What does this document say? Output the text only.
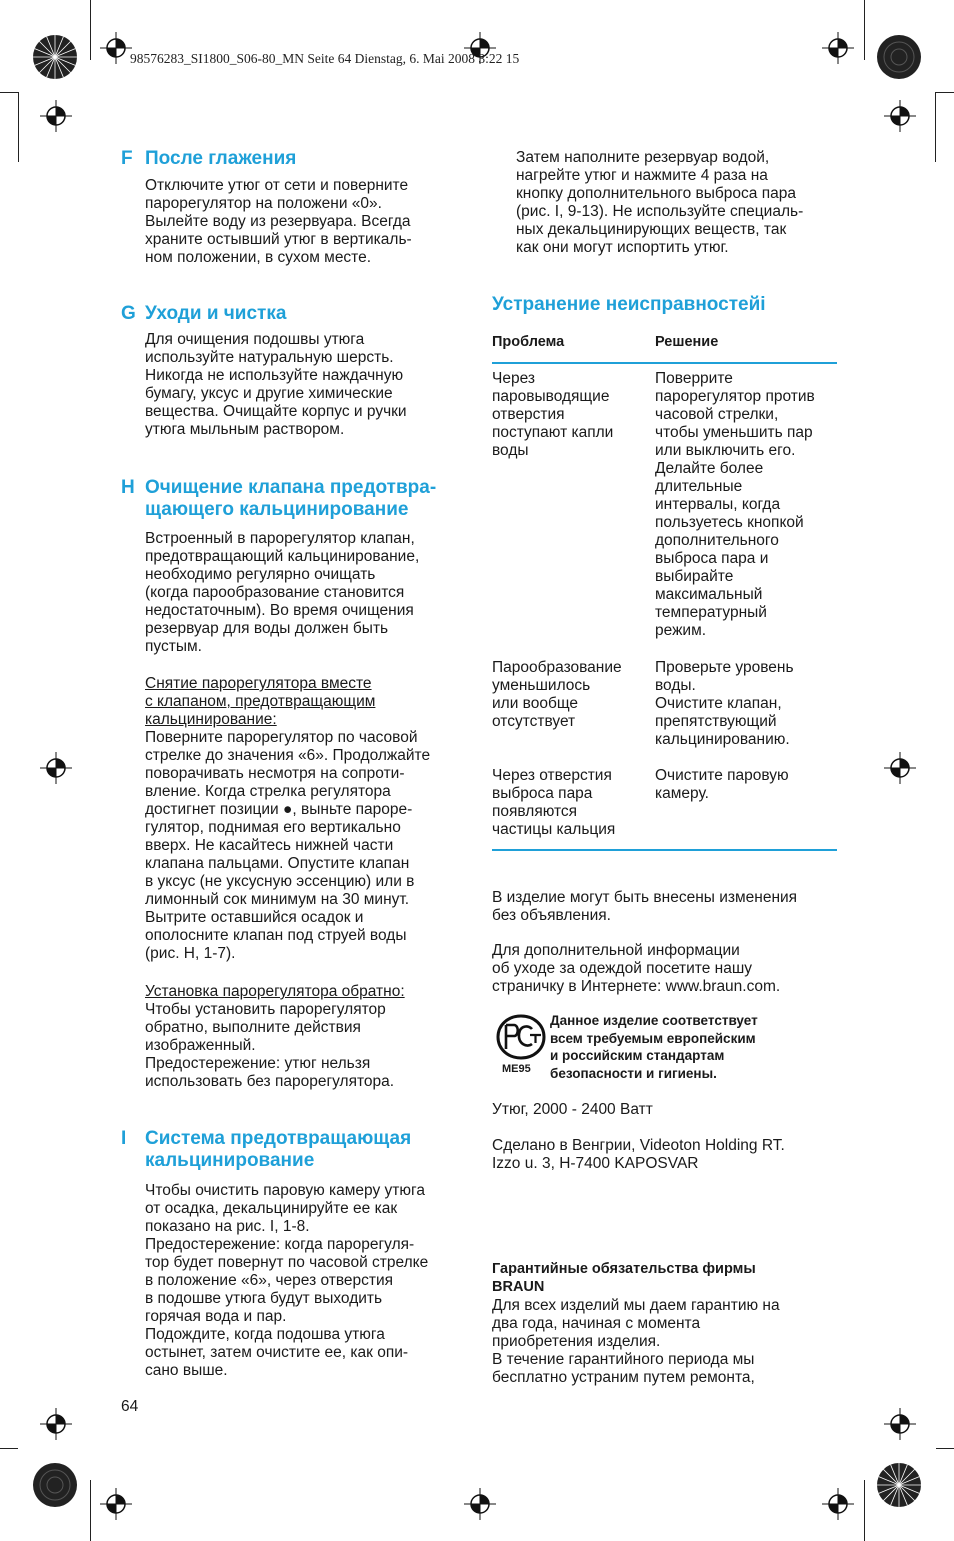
98576283_SI1800_S06-80_MN Seite 64 Dienstag, 6. Mai 2008 3:22 15
F После глажения
Отключите утюг от сети и поверните
парорегулятор на положени «0».
Вылейте воду из резервуара. Всегда
храните остывший утюг в вертикаль-
ном положении, в сухом месте.
G Уходи и чистка
Для очищения подошвы утюга
используйте натуральную шерсть.
Никогда не используйте наждачную
бумагу, уксус и другие химические
вещества. Очищайте корпус и ручки
утюга мыльным раствором.
H Очищение клапана предотвра-
щающего кальцинирование
Встроенный в парорегулятор клапан,
предотвращающий кальцинирование,
необходимо регулярно очищать
(когда парообразование становится
недостаточным). Во время очищения
резервуар для воды должен быть
пустым.
Снятие парорегулятора вместе
с клапаном, предотвращающим
кальцинирование:
Поверните парорегулятор по часовой
стрелке до значения «6». Продолжайте
поворачивать несмотря на сопроти-
вление. Когда стрелка регулятора
достигнет позиции ●, выньте пароре-
гулятор, поднимая его вертикально
вверх. Не касайтесь нижней части
клапана пальцами. Опустите клапан
в уксус (не уксусную эссенцию) или в
лимонный сок минимум на 30 минут.
Вытрите оставшийся осадок и
ополосните клапан под струей воды
(рис. H, 1-7).
Установка парорегулятора обратно:
Чтобы установить парорегулятор
обратно, выполните действия
изображенный.
Предостережение: утюг нельзя
использовать без парорегулятора.
I Система предотвращающая
кальцинирование
Чтобы очистить паровую камеру утюга
от осадка, декальцинируйте ее как
показано на рис. I, 1-8.
Предостережение: когда парорегуля-
тор будет повернут по часовой стрелке
в положение «6», через отверстия
в подошве утюга будут выходить
горячая вода и пар.
Подождите, когда подошва утюга
остынет, затем очистите ее, как опи-
сано выше.
64
Затем наполните резервуар водой,
нагрейте утюг и нажмите 4 раза на
кнопку дополнительного выброса пара
(рис. I, 9-13). Не используйте специаль-
ных декальцинирующих веществ, так
как они могут испортить утюг.
Устранение неисправностейі
Проблема	Решение
Через
паровыводящие
отверстия
поступают капли
воды
Поверрите
парорегулятор против
часовой стрелки,
чтобы уменьшить пар
или выключить его.
Делайте более
длительные
интервалы, когда
пользуетесь кнопкой
дополнительного
выброса пара и
выбирайте
максимальный
температурный
режим.
Парообразование
уменьшилось
или вообще
отсутствует
Проверьте уровень
воды.
Очистите клапан,
препятствующий
кальцинированию.
Через отверстия
выброса пара
появляются
частицы кальция
Очистите паровую
камеру.
В изделие могут быть внесены изменения
без объявления.
Для дополнительной информации
об уходе за одеждой посетите нашу
страничку в Интернете: www.braun.com.
ME95
Данное изделие соответствует
всем требуемым европейским
и российским стандартам
безопасности и гигиены.
Утюг, 2000 - 2400 Ватт
Сделано в Венгрии, Videoton Holding RT.
Izzo u. 3, H-7400 KAPOSVAR
Гарантийные обязательства фирмы
BRAUN
Для всех изделий мы даем гарантию на
два года, начиная с момента
приобретения изделия.
В течение гарантийного периода мы
бесплатно устраним путем ремонта,
